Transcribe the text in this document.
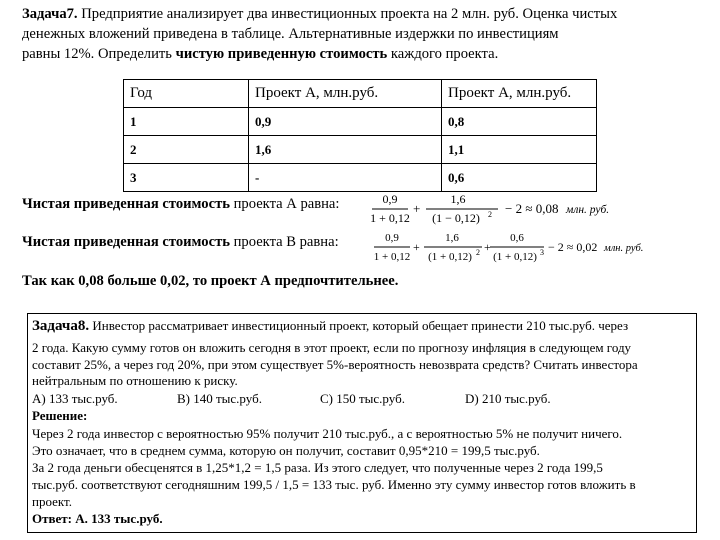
Задача7. Предприятие анализирует два инвестиционных проекта на 2 млн. руб. Оценка чистых
денежных вложений приведена в таблице. Альтернативные издержки по инвестициям
равны 12%. Определить чистую приведенную стоимость каждого проекта.
Год	Проект А, млн.руб.	Проект А, млн.руб.
1	0,9	0,8
2	1,6	1,1
3	-	0,6
Чистая приведенная стоимость проекта А равна:	0,9
1 + 0,12
+
1,6
(1 − 0,12) 2 − 2 ≈ 0,08 млн. руб.
Чистая приведенная стоимость проекта В равна:	0,9
1 + 0,12
+
1,6
(1 + 0,12) 2 +
0,6
(1 + 0,12) 3 − 2 ≈ 0,02 млн. руб.
Так как 0,08 больше 0,02, то проект А предпочтительнее.
Задача8. Инвестор рассматривает инвестиционный проект, который обещает принести 210 тыс.руб. через
2 года. Какую сумму готов он вложить сегодня в этот проект, если по прогнозу инфляция в следующем году
составит 25%, а через год 20%, при этом существует 5%-вероятность невозврата средств? Считать инвестора
нейтральным по отношению к риску.
A) 133 тыс.руб.	B) 140 тыс.руб.	C) 150 тыс.руб.	D) 210 тыс.руб.
Решение:
Через 2 года инвестор с вероятностью 95% получит 210 тыс.руб., а с вероятностью 5% не получит ничего.
Это означает, что в среднем сумма, которую он получит, составит 0,95*210 = 199,5 тыс.руб.
За 2 года деньги обесценятся в 1,25*1,2 = 1,5 раза. Из этого следует, что полученные через 2 года 199,5
тыс.руб. соответствуют сегодняшним 199,5 / 1,5 = 133 тыс. руб. Именно эту сумму инвестор готов вложить в
проект.
Ответ: А. 133 тыс.руб.
